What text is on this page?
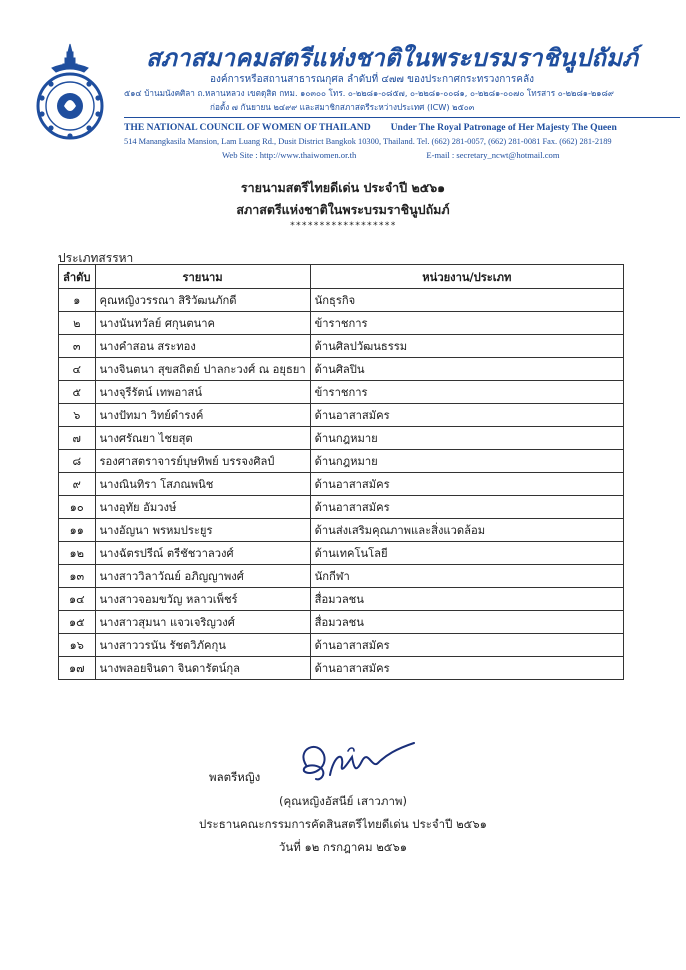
สภาสมาคมสตรีแห่งชาติในพระบรมราชินูปถัมภ์
องค์การหรือสถานสาธารณกุศล ลำดับที่ ๔๗๗ ของประกาศกระทรวงการคลัง
๕๑๔ บ้านมนังคศิลา ถ.หลานหลวง เขตดุสิต กทม. ๑๐๓๐๐ โทร. ๐-๒๒๘๑-๐๘๕๗, ๐-๒๒๘๑-๐๐๘๑, ๐-๒๒๘๑-๐๐๗๐ โทรสาร ๐-๒๒๘๑-๒๑๘๙
ก่อตั้ง ๗ กันยายน ๒๔๙๙ และสมาชิกสภาสตรีระหว่างประเทศ (ICW) ๒๕๐๓
THE NATIONAL COUNCIL OF WOMEN OF THAILAND Under The Royal Patronage of Her Majesty The Queen
514 Manangkasila Mansion, Lam Luang Rd., Dusit District Bangkok 10300, Thailand. Tel. (662) 281-0057, (662) 281-0081 Fax. (662) 281-2189
Web Site : http://www.thaiwomen.or.th	E-mail : secretary_ncwt@hotmail.com
รายนามสตรีไทยดีเด่น ประจำปี ๒๕๖๑
สภาสตรีแห่งชาติในพระบรมราชินูปถัมภ์
******************
ประเภทสรรหา
ลำดับ	รายนาม	หน่วยงาน/ประเภท
๑	คุณหญิงวรรณา สิริวัฒนภักดี	นักธุรกิจ
๒	นางนันทวัลย์ ศกุนตนาค	ข้าราชการ
๓	นางคำสอน สระทอง	ด้านศิลปวัฒนธรรม
๔	นางจินตนา สุขสถิตย์ ปาลกะวงศ์ ณ อยุธยา	ด้านศิลปิน
๕	นางจุรีรัตน์ เทพอาสน์	ข้าราชการ
๖	นางปัทมา วิทย์ดำรงค์	ด้านอาสาสมัคร
๗	นางศรัณยา ไชยสุต	ด้านกฎหมาย
๘	รองศาสตราจารย์บุษทิพย์ บรรจงศิลป์	ด้านกฎหมาย
๙	นางณินทิรา โสภณพนิช	ด้านอาสาสมัคร
๑๐	นางอุทัย อัมวงษ์	ด้านอาสาสมัคร
๑๑	นางอัญนา พรหมประยูร	ด้านส่งเสริมคุณภาพและสิ่งแวดล้อม
๑๒	นางฉัตรปรีณ์ ตรีชัชวาลวงศ์	ด้านเทคโนโลยี
๑๓	นางสาววิลาวัณย์ อภิญญาพงศ์	นักกีฬา
๑๔	นางสาวจอมขวัญ หลาวเพ็ชร์	สื่อมวลชน
๑๕	นางสาวสุมนา แจวเจริญวงศ์	สื่อมวลชน
๑๖	นางสาววรนัน รัชตวิภัคกุน	ด้านอาสาสมัคร
๑๗	นางพลอยจินดา จินดารัตน์กุล	ด้านอาสาสมัคร
พลตรีหญิง
(คุณหญิงอัสนีย์ เสาวภาพ)
ประธานคณะกรรมการคัดสินสตรีไทยดีเด่น ประจำปี ๒๕๖๑
วันที่ ๑๒ กรกฎาคม ๒๕๖๑
